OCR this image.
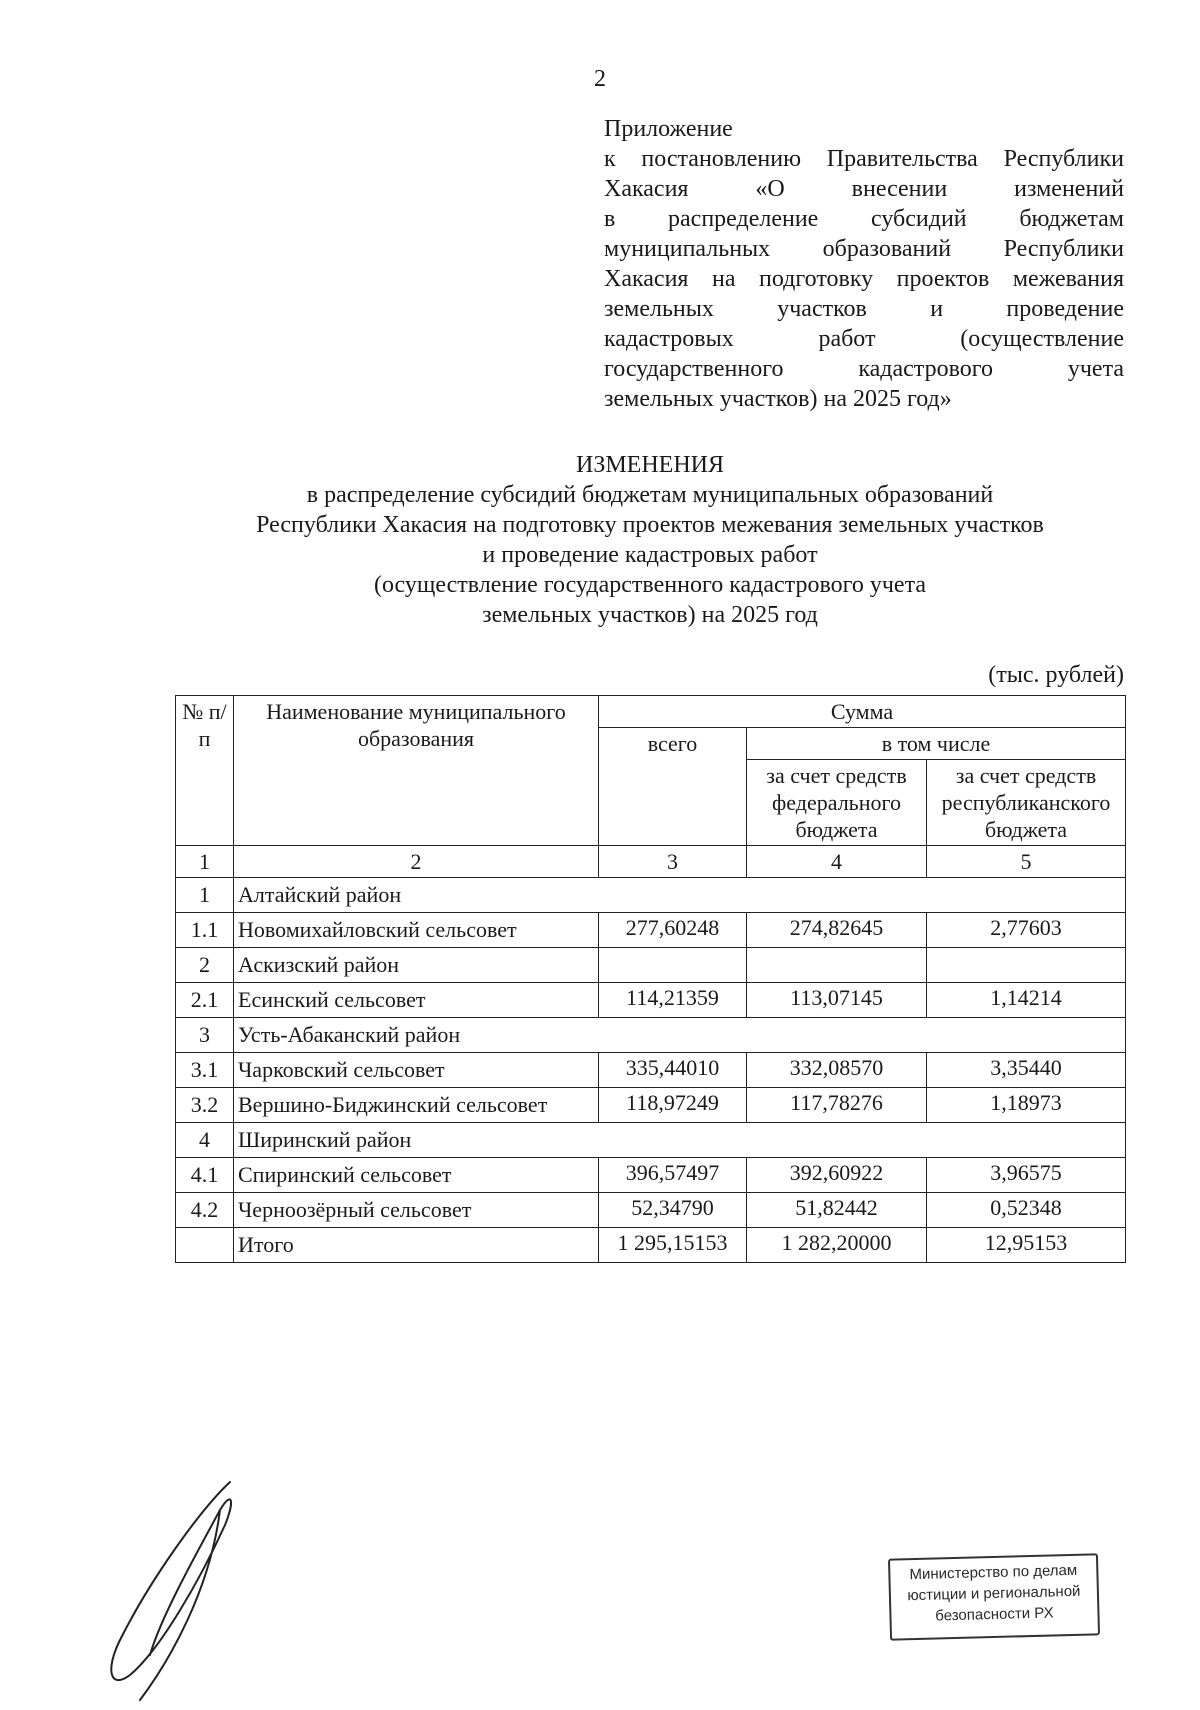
2
Приложение
к постановлению Правительства Республики
Хакасия «О внесении изменений
в распределение субсидий бюджетам
муниципальных образований Республики
Хакасия на подготовку проектов межевания
земельных участков и проведение
кадастровых работ (осуществление
государственного кадастрового учета
земельных участков) на 2025 год»
ИЗМЕНЕНИЯ
в распределение субсидий бюджетам муниципальных образований
Республики Хакасия на подготовку проектов межевания земельных участков
и проведение кадастровых работ
(осуществление государственного кадастрового учета
земельных участков) на 2025 год
(тыс. рублей)
№ п/п	Наименование муниципального образования	Сумма		
		всего	в том числе	
			за счет средств федерального бюджета	за счет средств республиканского бюджета
1	2	3	4	5
1	Алтайский район			
1.1	Новомихайловский сельсовет	277,60248	274,82645	2,77603
2	Аскизский район			
2.1	Есинский сельсовет	114,21359	113,07145	1,14214
3	Усть-Абаканский район			
3.1	Чарковский сельсовет	335,44010	332,08570	3,35440
3.2	Вершино-Биджинский сельсовет	118,97249	117,78276	1,18973
4	Ширинский район			
4.1	Спиринский сельсовет	396,57497	392,60922	3,96575
4.2	Черноозёрный сельсовет	52,34790	51,82442	0,52348
	Итого	1 295,15153	1 282,20000	12,95153
Министерство по делам
юстиции и региональной
безопасности РХ
